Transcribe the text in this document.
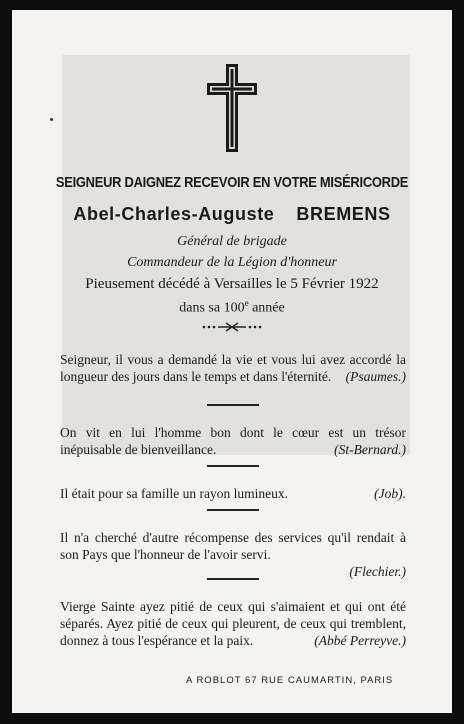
SEIGNEUR DAIGNEZ RECEVOIR EN VOTRE MISÉRICORDE
Abel-Charles-Auguste BREMENS
Général de brigade
Commandeur de la Légion d'honneur
Pieusement décédé à Versailles le 5 Février 1922
dans sa 100e année
Seigneur, il vous a demandé la vie et vous lui avez accordé la longueur des jours dans le temps et dans l'éternité. (Psaumes.)
On vit en lui l'homme bon dont le cœur est un trésor inépuisable de bienveillance.	(St-Bernard.)
Il était pour sa famille un rayon lumineux.	(Job).
Il n'a cherché d'autre récompense des services qu'il rendait à son Pays que l'honneur de l'avoir servi.

(Flechier.)
Vierge Sainte ayez pitié de ceux qui s'aimaient et qui ont été séparés. Ayez pitié de ceux qui pleurent, de ceux qui tremblent, donnez à tous l'espérance et la paix.	(Abbé Perreyve.)
A ROBLOT 67 RUE CAUMARTIN, PARIS
